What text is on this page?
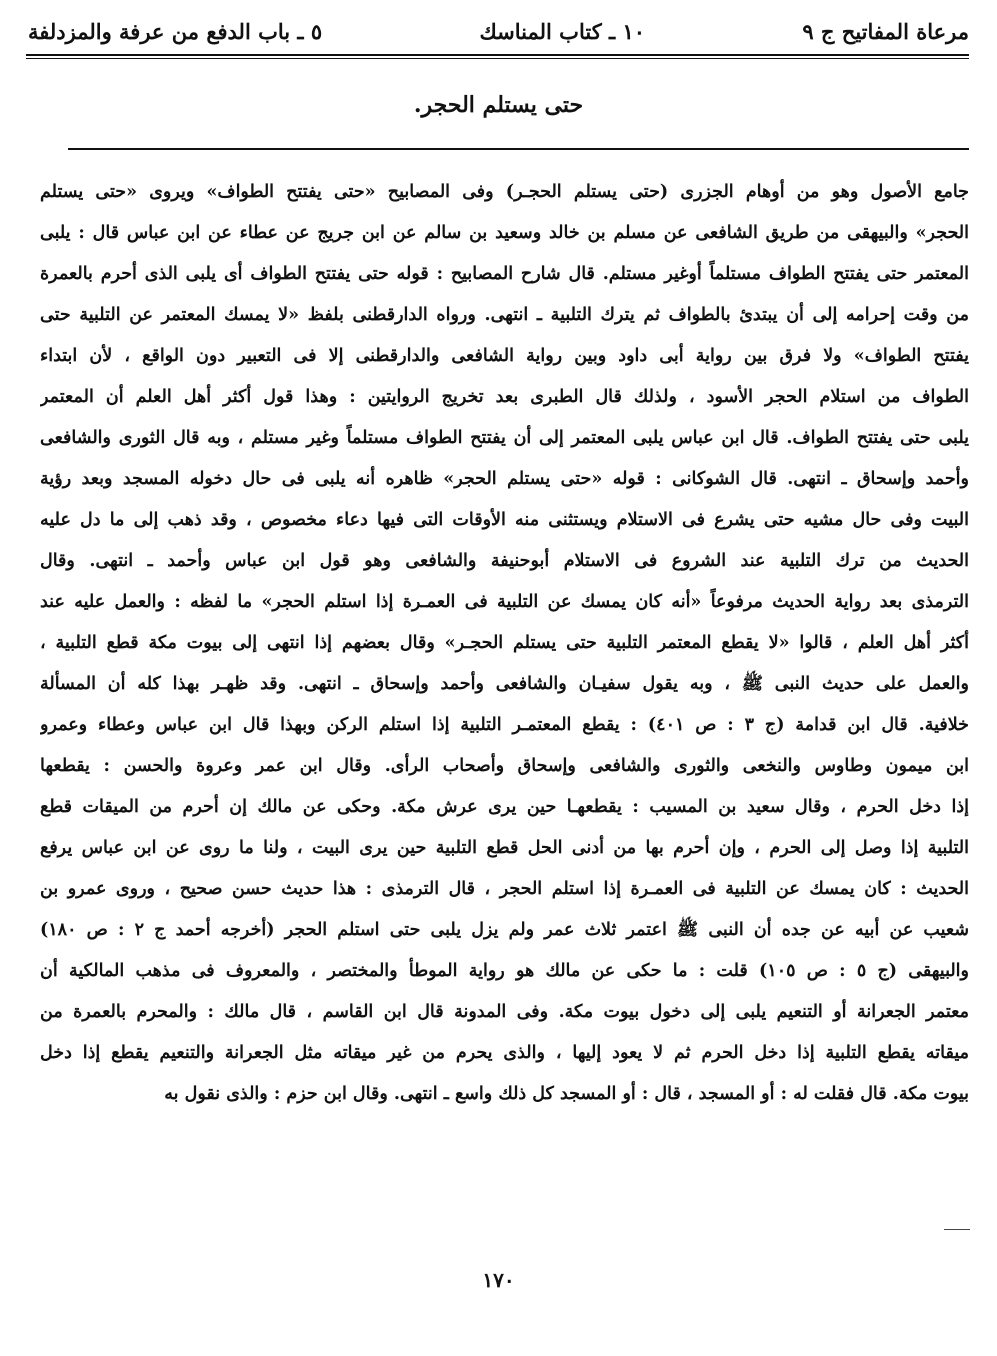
مرعاة المفاتيح ج ٩
١٠ ـ كتاب المناسك
٥ ـ باب الدفع من عرفة والمزدلفة
حتى يستلم الحجر.
جامع الأصول وهو من أوهام الجزرى (حتى يستلم الحجـر) وفى المصابيح «حتى يفتتح الطواف» ويروى «حتى يستلم
الحجر» والبيهقى من طريق الشافعى عن مسلم بن خالد وسعيد بن سالم عن ابن جريج عن عطاء عن ابن عباس قال : يلبى
المعتمر حتى يفتتح الطواف مستلماً أوغير مستلم. قال شارح المصابيح : قوله حتى يفتتح الطواف أى يلبى الذى أحرم بالعمرة
من وقت إحرامه إلى أن يبتدئ بالطواف ثم يترك التلبية ـ انتهى. ورواه الدارقطنى بلفظ «لا يمسك المعتمر عن التلبية حتى
يفتتح الطواف» ولا فرق بين رواية أبى داود وبين رواية الشافعى والدارقطنى إلا فى التعبير دون الواقع ، لأن ابتداء
الطواف من استلام الحجر الأسود ، ولذلك قال الطبرى بعد تخريج الروايتين : وهذا قول أكثر أهل العلم أن المعتمر
يلبى حتى يفتتح الطواف. قال ابن عباس يلبى المعتمر إلى أن يفتتح الطواف مستلماً وغير مستلم ، وبه قال الثورى والشافعى
وأحمد وإسحاق ـ انتهى. قال الشوكانى : قوله «حتى يستلم الحجر» ظاهره أنه يلبى فى حال دخوله المسجد وبعد رؤية
البيت وفى حال مشيه حتى يشرع فى الاستلام ويستثنى منه الأوقات التى فيها دعاء مخصوص ، وقد ذهب إلى ما دل عليه
الحديث من ترك التلبية عند الشروع فى الاستلام أبوحنيفة والشافعى وهو قول ابن عباس وأحمد ـ انتهى. وقال
الترمذى بعد رواية الحديث مرفوعاً «أنه كان يمسك عن التلبية فى العمـرة إذا استلم الحجر» ما لفظه : والعمل عليه عند
أكثر أهل العلم ، قالوا «لا يقطع المعتمر التلبية حتى يستلم الحجـر» وقال بعضهم إذا انتهى إلى بيوت مكة قطع التلبية ،
والعمل على حديث النبى ﷺ ، وبه يقول سفيـان والشافعى وأحمد وإسحاق ـ انتهى. وقد ظهـر بهذا كله أن المسألة
خلافية. قال ابن قدامة (ج ٣ : ص ٤٠١) : يقطع المعتمـر التلبية إذا استلم الركن وبهذا قال ابن عباس وعطاء وعمرو
ابن ميمون وطاوس والنخعى والثورى والشافعى وإسحاق وأصحاب الرأى. وقال ابن عمر وعروة والحسن : يقطعها
إذا دخل الحرم ، وقال سعيد بن المسيب : يقطعهـا حين يرى عرش مكة. وحكى عن مالك إن أحرم من الميقات قطع
التلبية إذا وصل إلى الحرم ، وإن أحرم بها من أدنى الحل قطع التلبية حين يرى البيت ، ولنا ما روى عن ابن عباس يرفع
الحديث : كان يمسك عن التلبية فى العمـرة إذا استلم الحجر ، قال الترمذى : هذا حديث حسن صحيح ، وروى عمرو بن
شعيب عن أبيه عن جده أن النبى ﷺ اعتمر ثلاث عمر ولم يزل يلبى حتى استلم الحجر (أخرجه أحمد ج ٢ : ص ١٨٠)
والبيهقى (ج ٥ : ص ١٠٥) قلت : ما حكى عن مالك هو رواية الموطأ والمختصر ، والمعروف فى مذهب المالكية أن
معتمر الجعرانة أو التنعيم يلبى إلى دخول بيوت مكة. وفى المدونة قال ابن القاسم ، قال مالك : والمحرم بالعمرة من
ميقاته يقطع التلبية إذا دخل الحرم ثم لا يعود إليها ، والذى يحرم من غير ميقاته مثل الجعرانة والتنعيم يقطع إذا دخل
بيوت مكة. قال فقلت له : أو المسجد ، قال : أو المسجد كل ذلك واسع ـ انتهى. وقال ابن حزم : والذى نقول به
١٧٠
